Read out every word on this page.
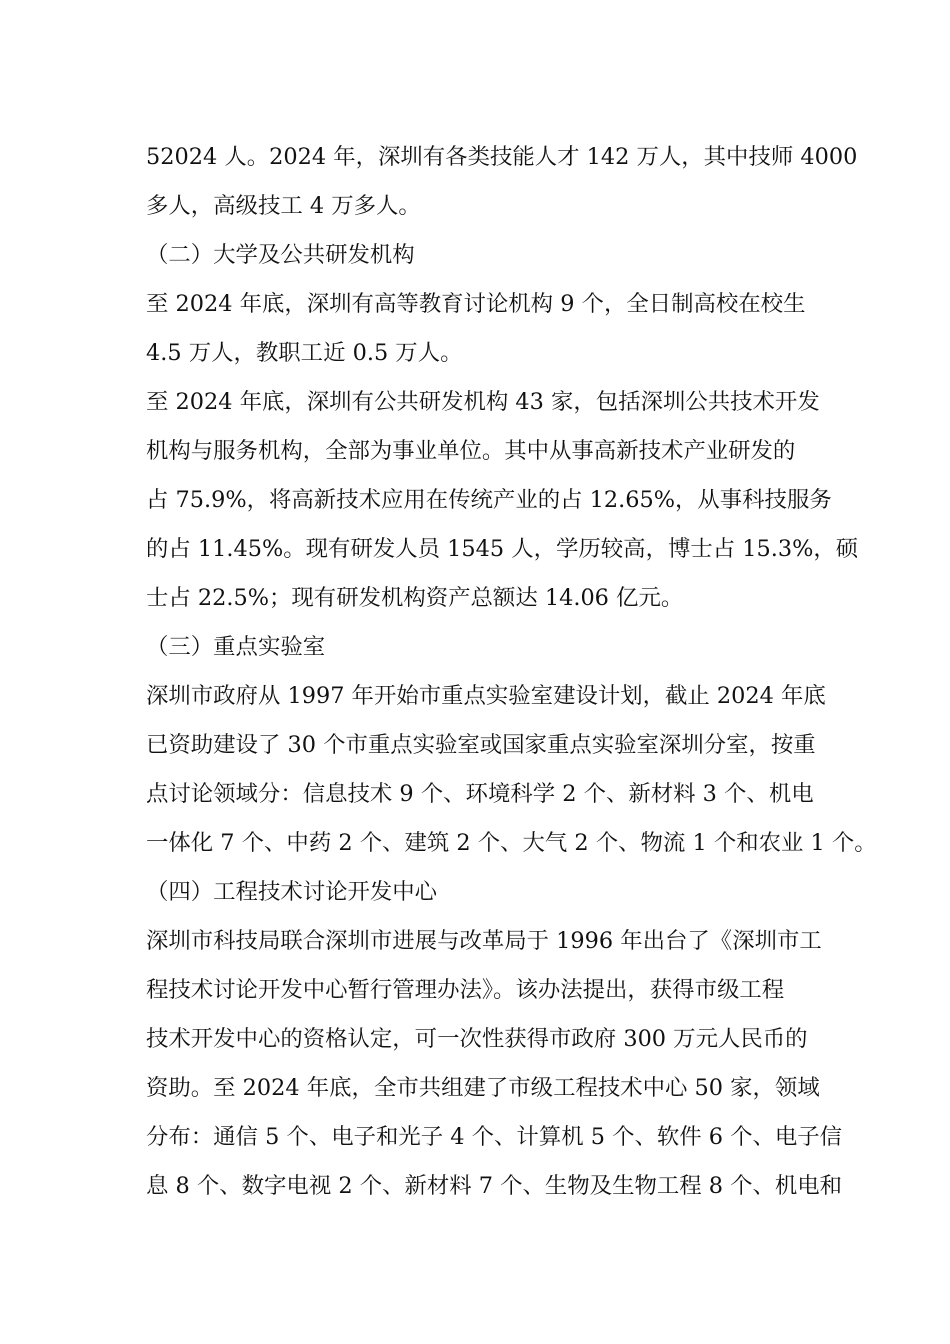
52024 人。2024 年，深圳有各类技能人才 142 万人，其中技师 4000
多人，高级技工 4 万多人。

（二）大学及公共研发机构

至 2024 年底，深圳有高等教育讨论机构 9 个，全日制高校在校生
4.5 万人，教职工近 0.5 万人。

至 2024 年底，深圳有公共研发机构 43 家，包括深圳公共技术开发
机构与服务机构，全部为事业单位。其中从事高新技术产业研发的
占 75.9%，将高新技术应用在传统产业的占 12.65%，从事科技服务
的占 11.45%。现有研发人员 1545 人，学历较高，博士占 15.3%，硕
士占 22.5%；现有研发机构资产总额达 14.06 亿元。

（三）重点实验室

深圳市政府从 1997 年开始市重点实验室建设计划，截止 2024 年底
已资助建设了 30 个市重点实验室或国家重点实验室深圳分室，按重
点讨论领域分：信息技术 9 个、环境科学 2 个、新材料 3 个、机电
一体化 7 个、中药 2 个、建筑 2 个、大气 2 个、物流 1 个和农业 1 个。

（四）工程技术讨论开发中心

深圳市科技局联合深圳市进展与改革局于 1996 年出台了《深圳市工
程技术讨论开发中心暂行管理办法》。该办法提出，获得市级工程
技术开发中心的资格认定，可一次性获得市政府 300 万元人民币的
资助。至 2024 年底，全市共组建了市级工程技术中心 50 家，领域
分布：通信 5 个、电子和光子 4 个、计算机 5 个、软件 6 个、电子信
息 8 个、数字电视 2 个、新材料 7 个、生物及生物工程 8 个、机电和
